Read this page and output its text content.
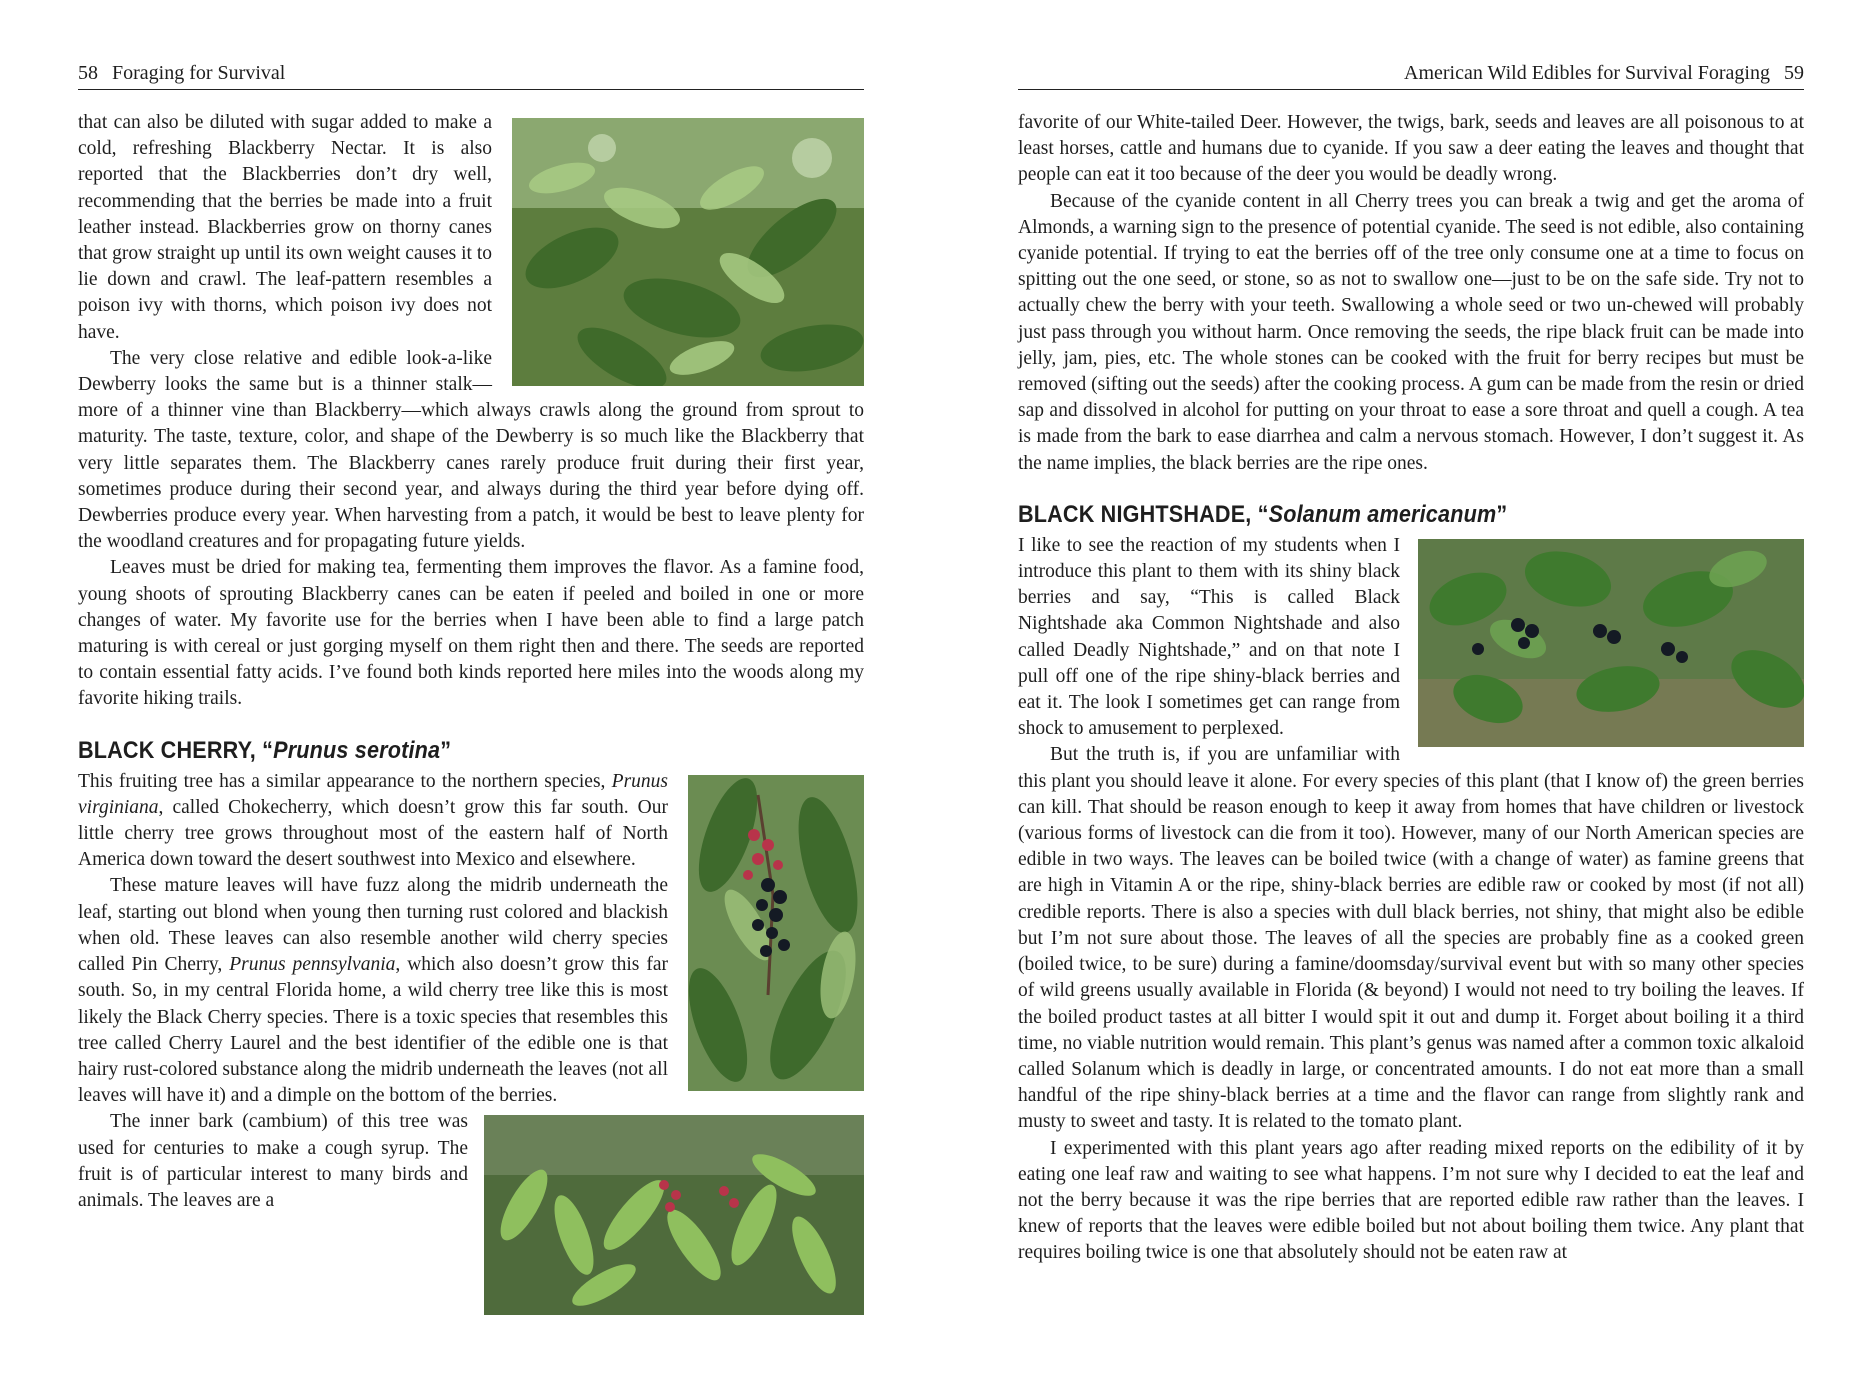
58 Foraging for Survival

that can also be diluted with sugar added to make a cold, refreshing Blackberry Nectar. It is also reported that the Blackberries don’t dry well, recommending that the berries be made into a fruit leather instead. Blackberries grow on thorny canes that grow straight up until its own weight causes it to lie down and crawl. The leaf-pattern resembles a poison ivy with thorns, which poison ivy does not have.

The very close relative and edible look-a-like Dewberry looks the same but is a thinner stalk—more of a thinner vine than Blackberry—which always crawls along the ground from sprout to maturity. The taste, texture, color, and shape of the Dewberry is so much like the Blackberry that very little separates them. The Blackberry canes rarely produce fruit during their first year, sometimes produce during their second year, and always during the third year before dying off. Dewberries produce every year. When harvesting from a patch, it would be best to leave plenty for the woodland creatures and for propagating future yields.

Leaves must be dried for making tea, fermenting them improves the flavor. As a famine food, young shoots of sprouting Blackberry canes can be eaten if peeled and boiled in one or more changes of water. My favorite use for the berries when I have been able to find a large patch maturing is with cereal or just gorging myself on them right then and there. The seeds are reported to contain essential fatty acids. I’ve found both kinds reported here miles into the woods along my favorite hiking trails.

BLACK CHERRY, “Prunus serotina”

This fruiting tree has a similar appearance to the northern species, Prunus virginiana, called Chokecherry, which doesn’t grow this far south. Our little cherry tree grows throughout most of the eastern half of North America down toward the desert southwest into Mexico and elsewhere.

These mature leaves will have fuzz along the midrib underneath the leaf, starting out blond when young then turning rust colored and blackish when old. These leaves can also resemble another wild cherry species called Pin Cherry, Prunus pennsylvania, which also doesn’t grow this far south. So, in my central Florida home, a wild cherry tree like this is most likely the Black Cherry species. There is a toxic species that resembles this tree called Cherry Laurel and the best identifier of the edible one is that hairy rust-colored substance along the midrib underneath the leaves (not all leaves will have it) and a dimple on the bottom of the berries.

The inner bark (cambium) of this tree was used for centuries to make a cough syrup. The fruit is of particular interest to many birds and animals. The leaves are a

American Wild Edibles for Survival Foraging 59

favorite of our White-tailed Deer. However, the twigs, bark, seeds and leaves are all poisonous to at least horses, cattle and humans due to cyanide. If you saw a deer eating the leaves and thought that people can eat it too because of the deer you would be deadly wrong.

Because of the cyanide content in all Cherry trees you can break a twig and get the aroma of Almonds, a warning sign to the presence of potential cyanide. The seed is not edible, also containing cyanide potential. If trying to eat the berries off of the tree only consume one at a time to focus on spitting out the one seed, or stone, so as not to swallow one—just to be on the safe side. Try not to actually chew the berry with your teeth. Swallowing a whole seed or two un-chewed will probably just pass through you without harm. Once removing the seeds, the ripe black fruit can be made into jelly, jam, pies, etc. The whole stones can be cooked with the fruit for berry recipes but must be removed (sifting out the seeds) after the cooking process. A gum can be made from the resin or dried sap and dissolved in alcohol for putting on your throat to ease a sore throat and quell a cough. A tea is made from the bark to ease diarrhea and calm a nervous stomach. However, I don’t suggest it. As the name implies, the black berries are the ripe ones.

BLACK NIGHTSHADE, “Solanum americanum”

I like to see the reaction of my students when I introduce this plant to them with its shiny black berries and say, “This is called Black Nightshade aka Common Nightshade and also called Deadly Nightshade,” and on that note I pull off one of the ripe shiny-black berries and eat it. The look I sometimes get can range from shock to amusement to perplexed.

But the truth is, if you are unfamiliar with this plant you should leave it alone. For every species of this plant (that I know of) the green berries can kill. That should be reason enough to keep it away from homes that have children or livestock (various forms of livestock can die from it too). However, many of our North American species are edible in two ways. The leaves can be boiled twice (with a change of water) as famine greens that are high in Vitamin A or the ripe, shiny-black berries are edible raw or cooked by most (if not all) credible reports. There is also a species with dull black berries, not shiny, that might also be edible but I’m not sure about those. The leaves of all the species are probably fine as a cooked green (boiled twice, to be sure) during a famine/doomsday/survival event but with so many other species of wild greens usually available in Florida (& beyond) I would not need to try boiling the leaves. If the boiled product tastes at all bitter I would spit it out and dump it. Forget about boiling it a third time, no viable nutrition would remain. This plant’s genus was named after a common toxic alkaloid called Solanum which is deadly in large, or concentrated amounts. I do not eat more than a small handful of the ripe shiny-black berries at a time and the flavor can range from slightly rank and musty to sweet and tasty. It is related to the tomato plant.

I experimented with this plant years ago after reading mixed reports on the edibility of it by eating one leaf raw and waiting to see what happens. I’m not sure why I decided to eat the leaf and not the berry because it was the ripe berries that are reported edible raw rather than the leaves. I knew of reports that the leaves were edible boiled but not about boiling them twice. Any plant that requires boiling twice is one that absolutely should not be eaten raw at
